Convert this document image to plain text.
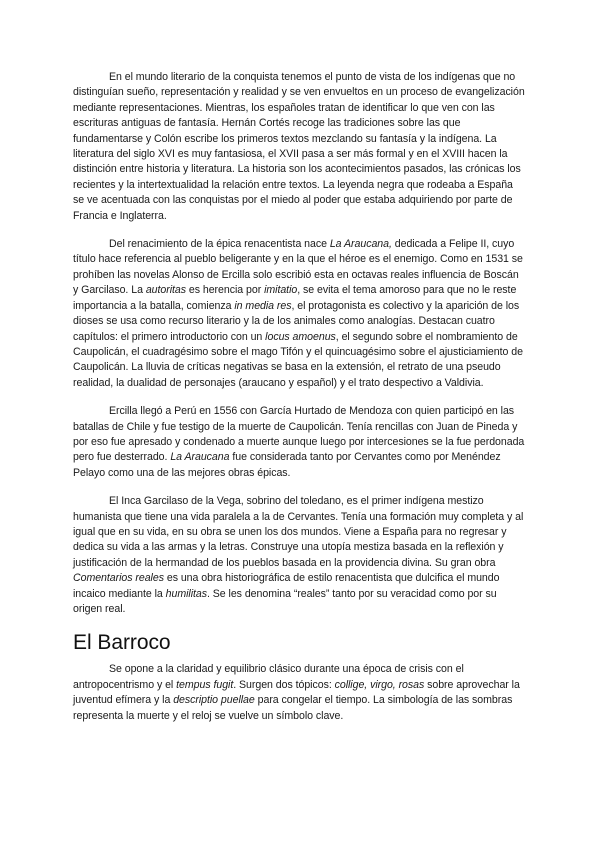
En el mundo literario de la conquista tenemos el punto de vista de los indígenas que no distinguían sueño, representación y realidad y se ven envueltos en un proceso de evangelización mediante representaciones. Mientras, los españoles tratan de identificar lo que ven con las escrituras antiguas de fantasía. Hernán Cortés recoge las tradiciones sobre las que fundamentarse y Colón escribe los primeros textos mezclando su fantasía y la indígena. La literatura del siglo XVI es muy fantasiosa, el XVII pasa a ser más formal y en el XVIII hacen la distinción entre historia y literatura. La historia son los acontecimientos pasados, las crónicas los recientes y la intertextualidad la relación entre textos. La leyenda negra que rodeaba a España se ve acentuada con las conquistas por el miedo al poder que estaba adquiriendo por parte de Francia e Inglaterra.

Del renacimiento de la épica renacentista nace La Araucana, dedicada a Felipe II, cuyo título hace referencia al pueblo beligerante y en la que el héroe es el enemigo. Como en 1531 se prohíben las novelas Alonso de Ercilla solo escribió esta en octavas reales influencia de Boscán y Garcilaso. La autoritas es herencia por imitatio, se evita el tema amoroso para que no le reste importancia a la batalla, comienza in media res, el protagonista es colectivo y la aparición de los dioses se usa como recurso literario y la de los animales como analogías. Destacan cuatro capítulos: el primero introductorio con un locus amoenus, el segundo sobre el nombramiento de Caupolicán, el cuadragésimo sobre el mago Tifón y el quincuagésimo sobre el ajusticiamiento de Caupolicán. La lluvia de críticas negativas se basa en la extensión, el retrato de una pseudo realidad, la dualidad de personajes (araucano y español) y el trato despectivo a Valdivia.

Ercilla llegó a Perú en 1556 con García Hurtado de Mendoza con quien participó en las batallas de Chile y fue testigo de la muerte de Caupolicán. Tenía rencillas con Juan de Pineda y por eso fue apresado y condenado a muerte aunque luego por intercesiones se la fue perdonada pero fue desterrado. La Araucana fue considerada tanto por Cervantes como por Menéndez Pelayo como una de las mejores obras épicas.

El Inca Garcilaso de la Vega, sobrino del toledano, es el primer indígena mestizo humanista que tiene una vida paralela a la de Cervantes. Tenía una formación muy completa y al igual que en su vida, en su obra se unen los dos mundos. Viene a España para no regresar y dedica su vida a las armas y la letras. Construye una utopía mestiza basada en la reflexión y justificación de la hermandad de los pueblos basada en la providencia divina. Su gran obra Comentarios reales es una obra historiográfica de estilo renacentista que dulcifica el mundo incaico mediante la humilitas. Se les denomina “reales” tanto por su veracidad como por su origen real.

El Barroco

Se opone a la claridad y equilibrio clásico durante una época de crisis con el antropocentrismo y el tempus fugit. Surgen dos tópicos: collige, virgo, rosas sobre aprovechar la juventud efímera y la descriptio puellae para congelar el tiempo. La simbología de las sombras representa la muerte y el reloj se vuelve un símbolo clave.
